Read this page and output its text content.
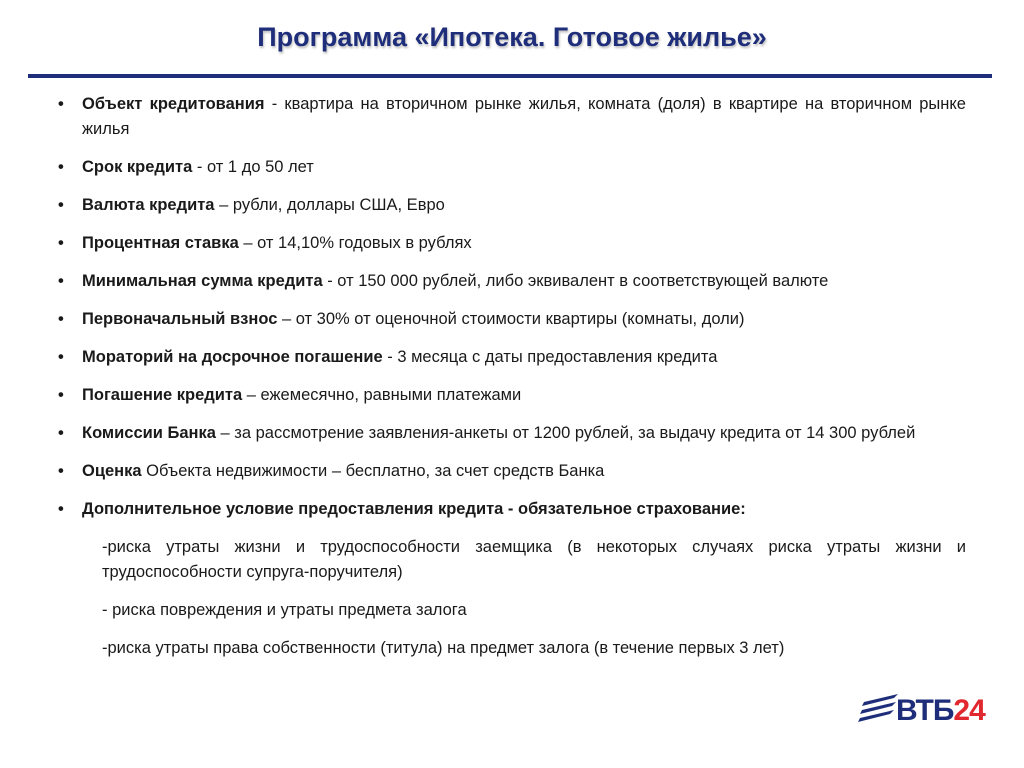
Программа «Ипотека. Готовое жилье»
• Объект кредитования - квартира на вторичном рынке жилья, комната (доля) в квартире на вторичном рынке жилья
• Срок кредита - от 1 до 50 лет
• Валюта кредита – рубли, доллары США, Евро
• Процентная ставка – от 14,10% годовых в рублях
• Минимальная сумма кредита - от 150 000 рублей, либо эквивалент в соответствующей валюте
• Первоначальный взнос – от 30% от оценочной стоимости квартиры (комнаты, доли)
• Мораторий на досрочное погашение - 3 месяца с даты предоставления кредита
• Погашение кредита – ежемесячно, равными платежами
• Комиссии Банка – за рассмотрение заявления-анкеты от 1200 рублей, за выдачу кредита от 14 300 рублей
• Оценка Объекта недвижимости – бесплатно, за счет средств Банка
• Дополнительное условие предоставления кредита - обязательное страхование:
-риска утраты жизни и трудоспособности заемщика (в некоторых случаях риска утраты жизни и трудоспособности супруга-поручителя)
- риска повреждения и утраты предмета залога
-риска утраты права собственности (титула) на предмет залога (в течение первых 3 лет)
ВТБ24
